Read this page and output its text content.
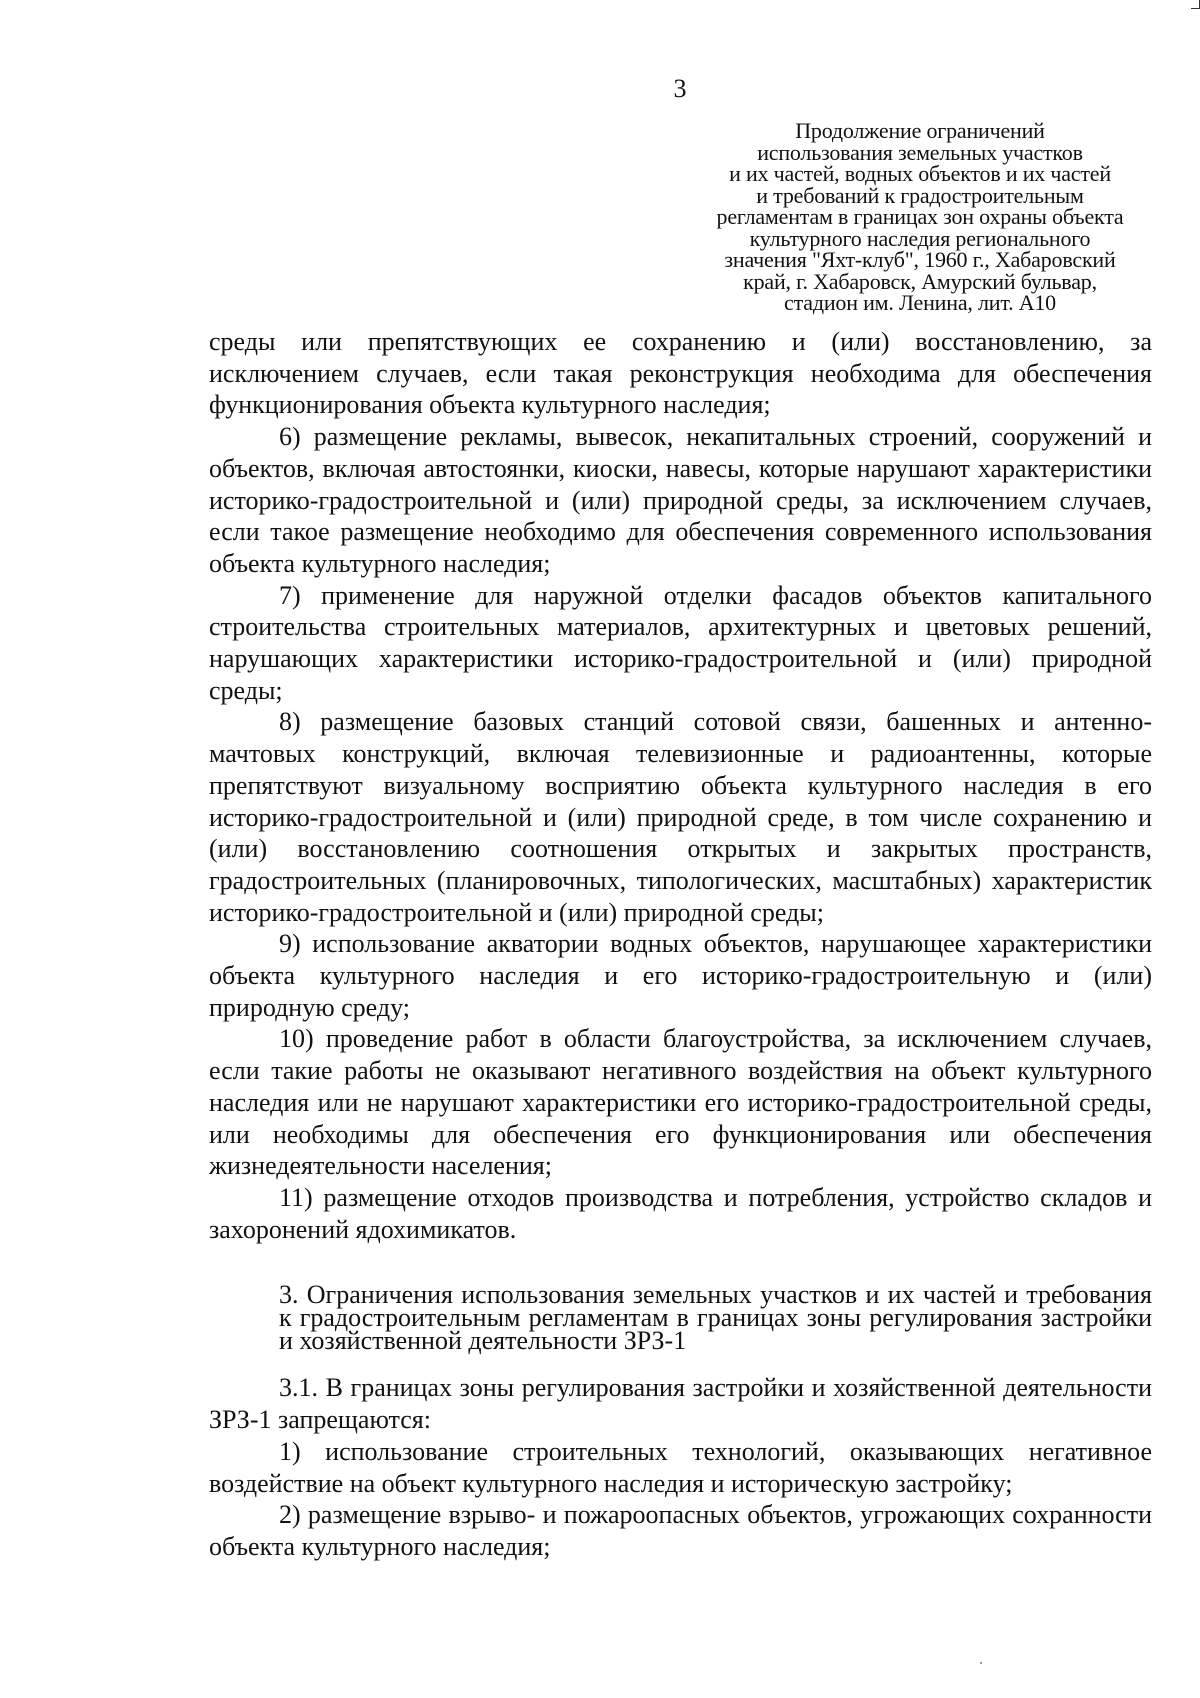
3
Продолжение ограничений
использования земельных участков
и их частей, водных объектов и их частей
и требований к градостроительным
регламентам в границах зон охраны объекта
культурного наследия регионального
значения "Яхт-клуб", 1960 г., Хабаровский
край, г. Хабаровск, Амурский бульвар,
стадион им. Ленина, лит. А10

среды или препятствующих ее сохранению и (или) восстановлению, за исключением случаев, если такая реконструкция необходима для обеспечения функционирования объекта культурного наследия;

6) размещение рекламы, вывесок, некапитальных строений, сооружений и объектов, включая автостоянки, киоски, навесы, которые нарушают характеристики историко-градостроительной и (или) природной среды, за исключением случаев, если такое размещение необходимо для обеспечения современного использования объекта культурного наследия;

7) применение для наружной отделки фасадов объектов капитального строительства строительных материалов, архитектурных и цветовых решений, нарушающих характеристики историко-градостроительной и (или) природной среды;

8) размещение базовых станций сотовой связи, башенных и антенно-мачтовых конструкций, включая телевизионные и радиоантенны, которые препятствуют визуальному восприятию объекта культурного наследия в его историко-градостроительной и (или) природной среде, в том числе сохранению и (или) восстановлению соотношения открытых и закрытых пространств, градостроительных (планировочных, типологических, масштабных) характеристик историко-градостроительной и (или) природной среды;

9) использование акватории водных объектов, нарушающее характеристики объекта культурного наследия и его историко-градостроительную и (или) природную среду;

10) проведение работ в области благоустройства, за исключением случаев, если такие работы не оказывают негативного воздействия на объект культурного наследия или не нарушают характеристики его историко-градостроительной среды, или необходимы для обеспечения его функционирования или обеспечения жизнедеятельности населения;

11) размещение отходов производства и потребления, устройство складов и захоронений ядохимикатов.

3. Ограничения использования земельных участков и их частей и требования к градостроительным регламентам в границах зоны регулирования застройки и хозяйственной деятельности ЗРЗ-1

3.1. В границах зоны регулирования застройки и хозяйственной деятельности ЗРЗ-1 запрещаются:

1) использование строительных технологий, оказывающих негативное воздействие на объект культурного наследия и историческую застройку;

2) размещение взрыво- и пожароопасных объектов, угрожающих сохранности объекта культурного наследия;
